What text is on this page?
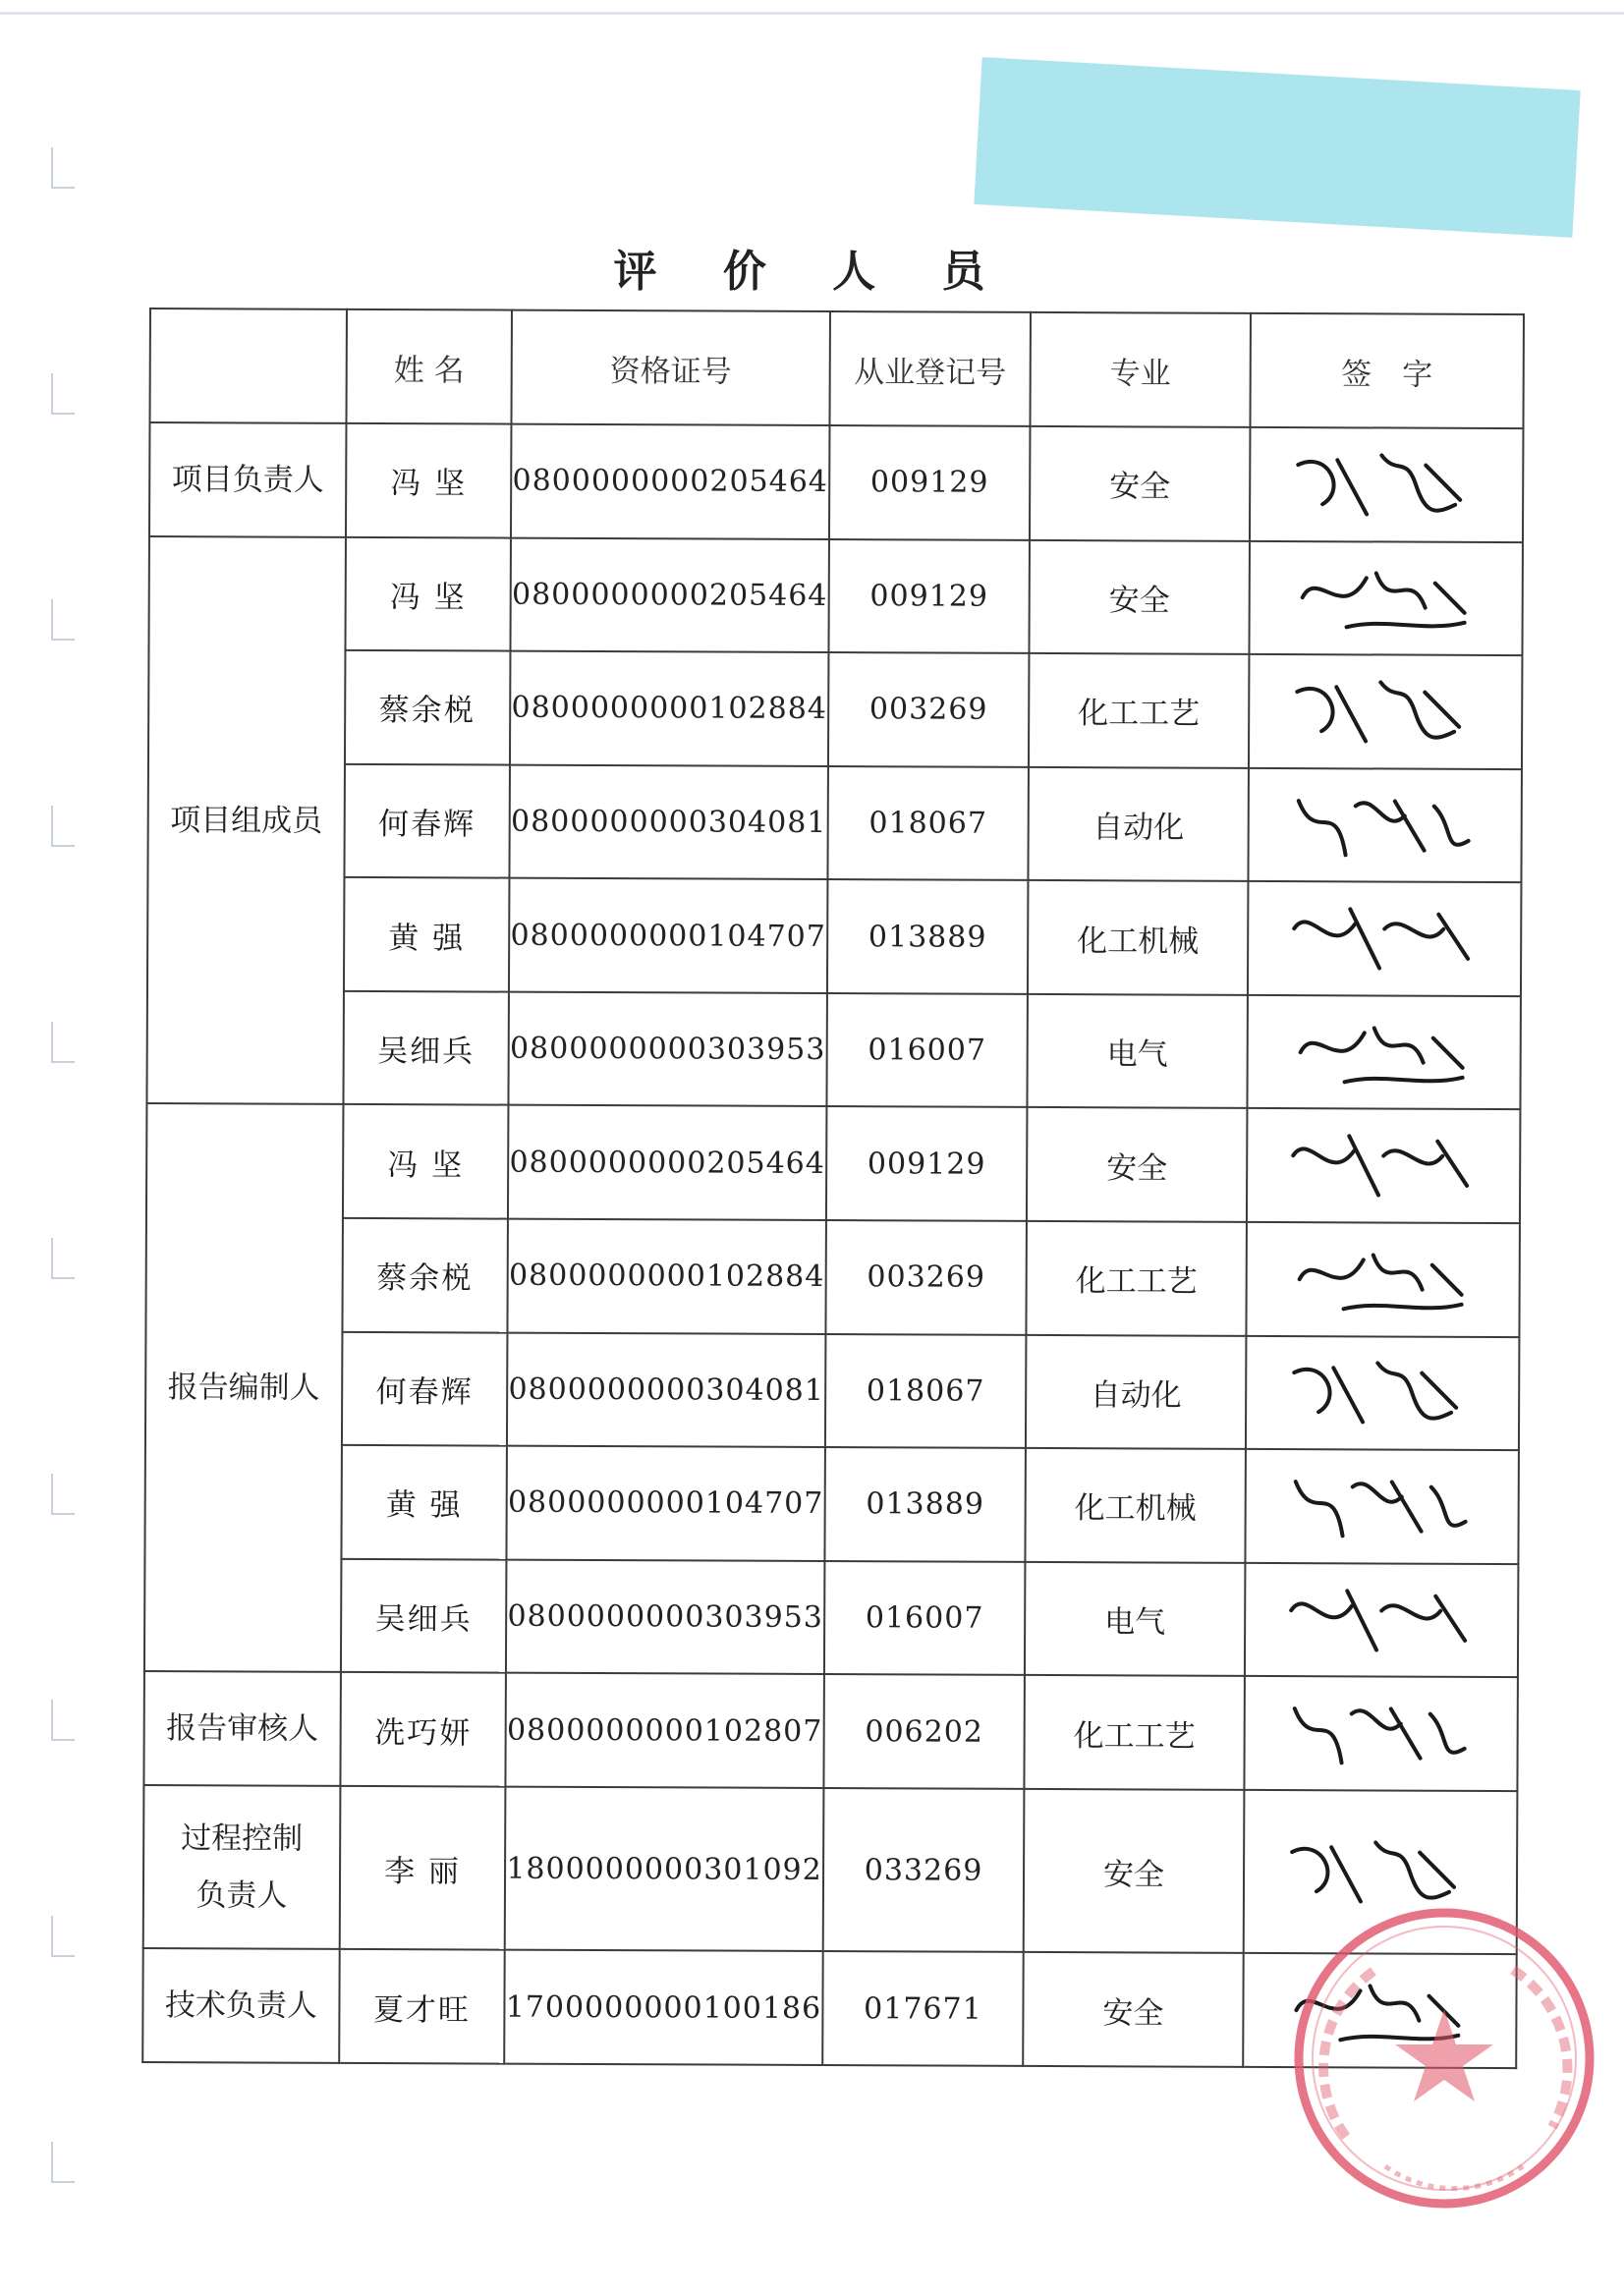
评 价 人 员
	姓 名	资格证号	从业登记号	专业	签　字
项目负责人	冯 坚	0800000000205464	009129	安全	

项目组成员	冯 坚	0800000000205464	009129	安全	

	蔡余棁	0800000000102884	003269	化工工艺	

	何春辉	0800000000304081	018067	自动化	

	黄 强	0800000000104707	013889	化工机械	

	吴细兵	0800000000303953	016007	电气	

报告编制人	冯 坚	0800000000205464	009129	安全	

	蔡余棁	0800000000102884	003269	化工工艺	

	何春辉	0800000000304081	018067	自动化	

	黄 强	0800000000104707	013889	化工机械	

	吴细兵	0800000000303953	016007	电气	

报告审核人	冼巧妍	0800000000102807	006202	化工工艺	

过程控制
负责人	李 丽	1800000000301092	033269	安全	

技术负责人	夏才旺	1700000000100186	017671	安全	
